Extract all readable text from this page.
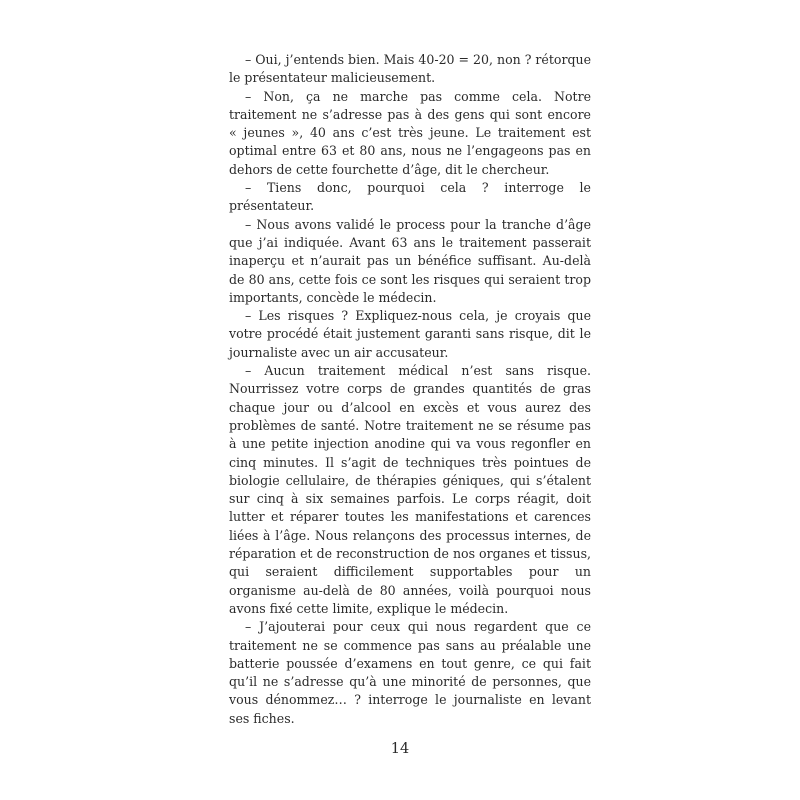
– Oui, j’entends bien. Mais 40-20 = 20, non ? rétorque le présentateur malicieusement.

– Non, ça ne marche pas comme cela. Notre traitement ne s’adresse pas à des gens qui sont encore « jeunes », 40 ans c’est très jeune. Le traitement est optimal entre 63 et 80 ans, nous ne l’engageons pas en dehors de cette fourchette d’âge, dit le chercheur.

– Tiens donc, pourquoi cela ? interroge le présentateur.

– Nous avons validé le process pour la tranche d’âge que j’ai indiquée. Avant 63 ans le traitement passerait inaperçu et n’aurait pas un bénéfice suffisant. Au-delà de 80 ans, cette fois ce sont les risques qui seraient trop importants, concède le médecin.

– Les risques ? Expliquez-nous cela, je croyais que votre procédé était justement garanti sans risque, dit le journaliste avec un air accusateur.

– Aucun traitement médical n’est sans risque. Nourrissez votre corps de grandes quantités de gras chaque jour ou d’alcool en excès et vous aurez des problèmes de santé. Notre traitement ne se résume pas à une petite injection anodine qui va vous regonfler en cinq minutes. Il s’agit de techniques très pointues de biologie cellulaire, de thérapies géniques, qui s’étalent sur cinq à six semaines parfois. Le corps réagit, doit lutter et réparer toutes les manifestations et carences liées à l’âge. Nous relançons des processus internes, de réparation et de reconstruction de nos organes et tissus, qui seraient difficilement supportables pour un organisme au-delà de 80 années, voilà pourquoi nous avons fixé cette limite, explique le médecin.

– J’ajouterai pour ceux qui nous regardent que ce traitement ne se commence pas sans au préalable une batterie poussée d’examens en tout genre, ce qui fait qu’il ne s’adresse qu’à une minorité de personnes, que vous dénommez… ? interroge le journaliste en levant ses fiches.

14
